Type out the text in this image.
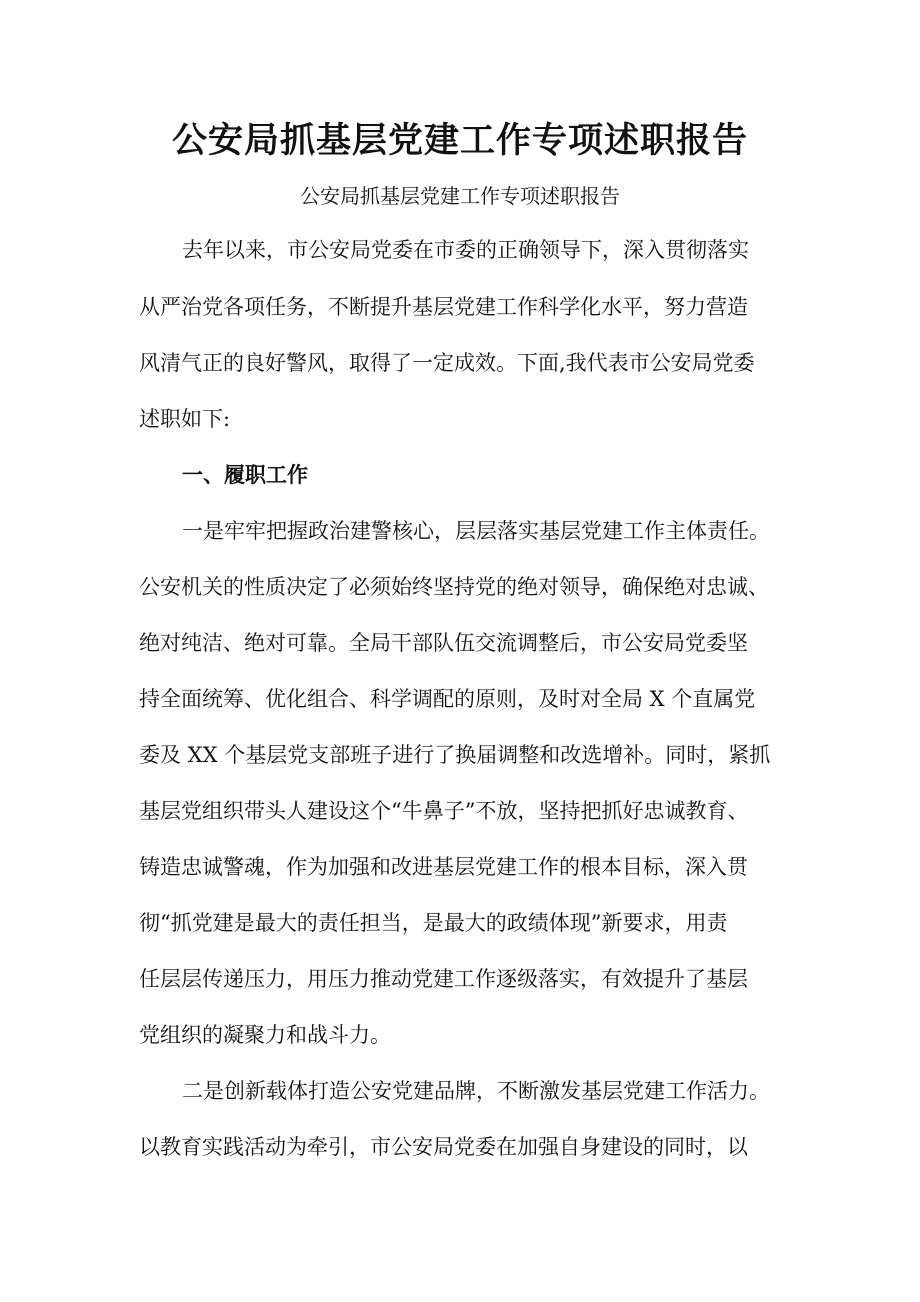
公安局抓基层党建工作专项述职报告

公安局抓基层党建工作专项述职报告

去年以来，市公安局党委在市委的正确领导下，深入贯彻落实

从严治党各项任务，不断提升基层党建工作科学化水平，努力营造

风清气正的良好警风，取得了一定成效。下面,我代表市公安局党委

述职如下:

一、履职工作

一是牢牢把握政治建警核心，层层落实基层党建工作主体责任。

公安机关的性质决定了必须始终坚持党的绝对领导，确保绝对忠诚、

绝对纯洁、绝对可靠。全局干部队伍交流调整后，市公安局党委坚

持全面统筹、优化组合、科学调配的原则，及时对全局 X 个直属党

委及 XX 个基层党支部班子进行了换届调整和改选增补。同时，紧抓

基层党组织带头人建设这个“牛鼻子”不放，坚持把抓好忠诚教育、

铸造忠诚警魂，作为加强和改进基层党建工作的根本目标，深入贯

彻“抓党建是最大的责任担当，是最大的政绩体现”新要求，用责

任层层传递压力，用压力推动党建工作逐级落实，有效提升了基层

党组织的凝聚力和战斗力。

二是创新载体打造公安党建品牌，不断激发基层党建工作活力。

以教育实践活动为牵引，市公安局党委在加强自身建设的同时，以
